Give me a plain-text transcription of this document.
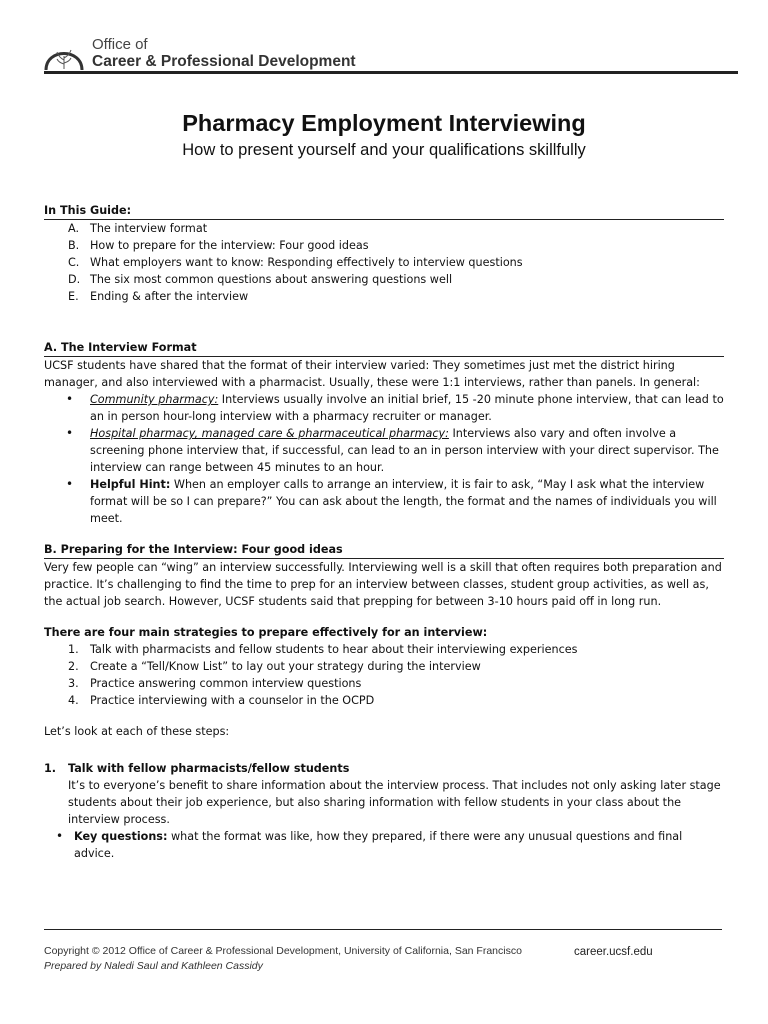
Office of
Career & Professional Development
Pharmacy Employment Interviewing
How to present yourself and your qualifications skillfully
In This Guide:
A. The interview format
B. How to prepare for the interview: Four good ideas
C. What employers want to know: Responding effectively to interview questions
D. The six most common questions about answering questions well
E. Ending & after the interview
A. The Interview Format

UCSF students have shared that the format of their interview varied: They sometimes just met the district hiring manager, and also interviewed with a pharmacist. Usually, these were 1:1 interviews, rather than panels. In general:

• Community pharmacy: Interviews usually involve an initial brief, 15 -20 minute phone interview, that can lead to an in person hour-long interview with a pharmacy recruiter or manager.
• Hospital pharmacy, managed care & pharmaceutical pharmacy: Interviews also vary and often involve a screening phone interview that, if successful, can lead to an in person interview with your direct supervisor. The interview can range between 45 minutes to an hour.
• Helpful Hint: When an employer calls to arrange an interview, it is fair to ask, “May I ask what the interview format will be so I can prepare?” You can ask about the length, the format and the names of individuals you will meet.
B. Preparing for the Interview: Four good ideas

Very few people can “wing” an interview successfully. Interviewing well is a skill that often requires both preparation and practice. It’s challenging to find the time to prep for an interview between classes, student group activities, as well as, the actual job search. However, UCSF students said that prepping for between 3-10 hours paid off in long run.

There are four main strategies to prepare effectively for an interview:
1. Talk with pharmacists and fellow students to hear about their interviewing experiences
2. Create a “Tell/Know List” to lay out your strategy during the interview
3. Practice answering common interview questions
4. Practice interviewing with a counselor in the OCPD

Let’s look at each of these steps:

1. Talk with fellow pharmacists/fellow students

It’s to everyone’s benefit to share information about the interview process. That includes not only asking later stage students about their job experience, but also sharing information with fellow students in your class about the interview process.

• Key questions: what the format was like, how they prepared, if there were any unusual questions and final advice.
Copyright © 2012 Office of Career & Professional Development, University of California, San Francisco
Prepared by Naledi Saul and Kathleen Cassidy
career.ucsf.edu
